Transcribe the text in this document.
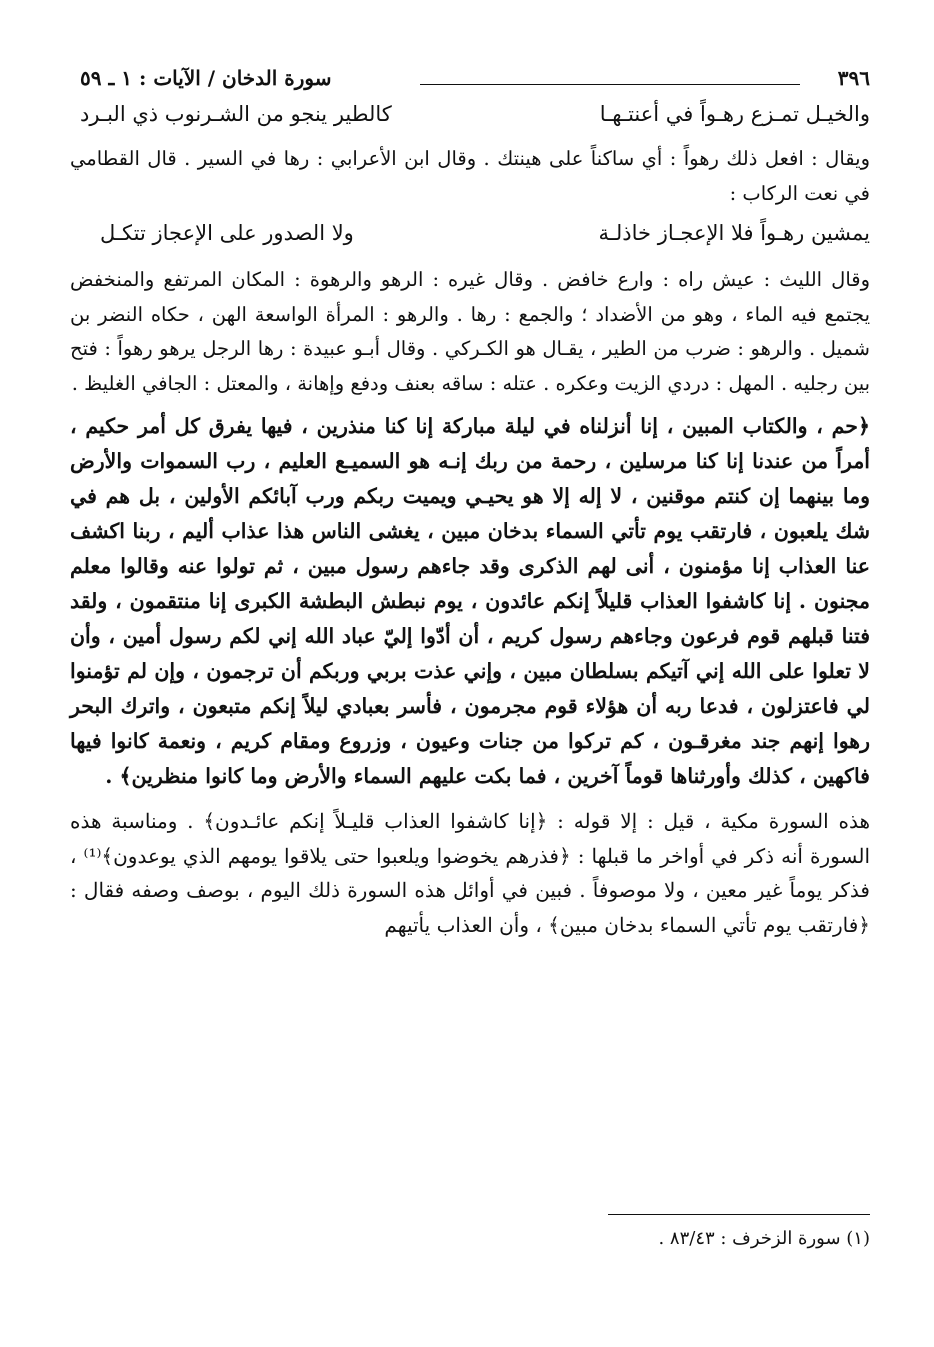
٣٩٦
سورة الدخان / الآيات : ١ ـ ٥٩
والخيـل تمـزع رهـواً في أعنتـهـا
كالطير ينجو من الشـرنوب ذي البـرد

ويقال : افعل ذلك رهواً : أي ساكناً على هينتك . وقال ابن الأعرابي : رها في السير . قال القطامي في نعت الركاب :

يمشين رهـواً فلا الإعجـاز خاذلـة
ولا الصدور على الإعجاز تتكـل

وقال الليث : عيش راه : وارع خافض . وقال غيره : الرهو والرهوة : المكان المرتفع والمنخفض يجتمع فيه الماء ، وهو من الأضداد ؛ والجمع : رها . والرهو : المرأة الواسعة الهن ، حكاه النضر بن شميل . والرهو : ضرب من الطير ، يقـال هو الكـركي . وقال أبـو عبيدة : رها الرجل يرهو رهواً : فتح بين رجليه . المهل : دردي الزيت وعكره . عتله : ساقه بعنف ودفع وإهانة ، والمعتل : الجافي الغليظ .

﴿حم ، والكتاب المبين ، إنا أنزلناه في ليلة مباركة إنا كنا منذرين ، فيها يفرق كل أمر حكيم ، أمراً من عندنا إنا كنا مرسلين ، رحمة من ربك إنـه هو السميـع العليم ، رب السموات والأرض وما بينهما إن كنتم موقنين ، لا إله إلا هو يحيـي ويميت ربكم ورب آبائكم الأولين ، بل هم في شك يلعبون ، فارتقب يوم تأتي السماء بدخان مبين ، يغشى الناس هذا عذاب أليم ، ربنا اكشف عنا العذاب إنا مؤمنون ، أنى لهم الذكرى وقد جاءهم رسول مبين ، ثم تولوا عنه وقالوا معلم مجنون . إنا كاشفوا العذاب قليلاً إنكم عائدون ، يوم نبطش البطشة الكبرى إنا منتقمون ، ولقد فتنا قبلهم قوم فرعون وجاءهم رسول كريم ، أن أدّوا إليّ عباد الله إني لكم رسول أمين ، وأن لا تعلوا على الله إني آتيكم بسلطان مبين ، وإني عذت بربي وربكم أن ترجمون ، وإن لم تؤمنوا لي فاعتزلون ، فدعا ربه أن هؤلاء قوم مجرمون ، فأسر بعبادي ليلاً إنكم متبعون ، واترك البحر رهوا إنهم جند مغرقـون ، كم تركوا من جنات وعيون ، وزروع ومقام كريم ، ونعمة كانوا فيها فاكهين ، كذلك وأورثناها قوماً آخرين ، فما بكت عليهم السماء والأرض وما كانوا منظرين﴾ .

هذه السورة مكية ، قيل : إلا قوله : ﴿إنا كاشفوا العذاب قليـلاً إنكم عائـدون﴾ . ومناسبة هذه السورة أنه ذكر في أواخر ما قبلها : ﴿فذرهم يخوضوا ويلعبوا حتى يلاقوا يومهم الذي يوعدون﴾⁽¹⁾ ، فذكر يوماً غير معين ، ولا موصوفاً . فبين في أوائل هذه السورة ذلك اليوم ، بوصف وصفه فقال : ﴿فارتقب يوم تأتي السماء بدخان مبين﴾ ، وأن العذاب يأتيهم

(١) سورة الزخرف : ٨٣/٤٣ .
